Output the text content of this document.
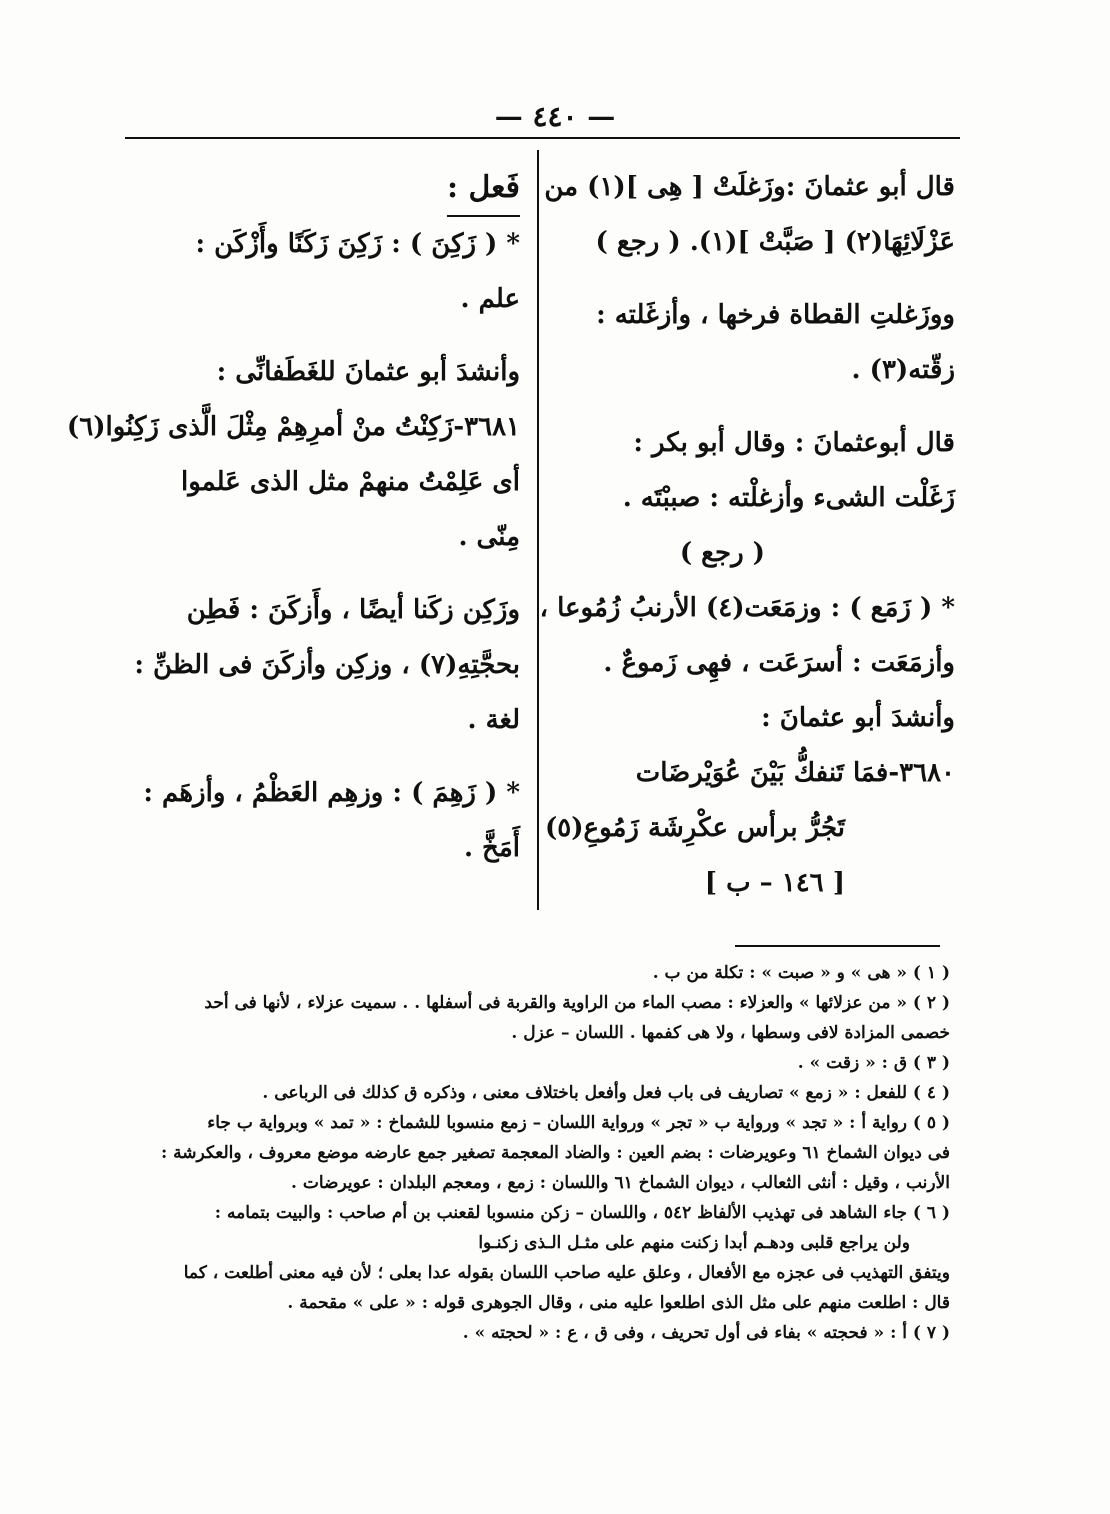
— ٤٤٠ —

قال أبو عثمانَ :وزَغلَتْ [ هِى ](١) من

عَزْلَائِهَا(٢) [ صَبَّتْ ](١). ( رجع )

ووزَغلتِ القطاة فرخها ، وأزغَلته :

زقّته(٣) .

قال أبوعثمانَ : وقال أبو بكر :

زَغَلْت الشىء وأزغلْته : صببْتَه .

( رجع )

* ( زَمَع ) : وزمَعَت(٤) الأرنبُ زُمُوعا ،

وأزمَعَت : أسرَعَت ، فهِى زَموعٌ .

وأنشدَ أبو عثمانَ :

٣٦٨٠-فمَا تَنفكُّ بَيْنَ عُوَيْرضَات

تَجُرُّ برأس عكْرِشَة زَمُوعِ(٥)

[ ١٤٦ – ب ]

فَعل :

* ( زَكِنَ ) : زَكِنَ زَكَنًا وأَزْكَن :

علم .

وأنشدَ أبو عثمانَ للغَطَفانِّى :

٣٦٨١-زَكِنْتُ منْ أمرِهِمْ مِثْلَ الَّذى زَكِنُوا(٦)

أى عَلِمْتُ منهمْ مثل الذى عَلموا

مِنّى .

وزَكِن زكَنا أيضًا ، وأَزكَنَ : فَطِن

بحجَّتِهِ(٧) ، وزكِن وأزكَنَ فى الظنِّ :

لغة .

* ( زَهِمَ ) : وزهِم العَظْمُ ، وأزهَم :

أَمَخَّ .

( ١ ) « هى » و « صبت » : تكلة من ب .

( ٢ ) « من عزلائها » والعزلاء : مصب الماء من الراوية والقربة فى أسفلها . . سميت عزلاء ، لأنها فى أحد

خصمى المزادة لافى وسطها ، ولا هى كفمها . اللسان – عزل .

( ٣ ) ق : « زقت » .

( ٤ ) للفعل : « زمع » تصاريف فى باب فعل وأفعل باختلاف معنى ، وذكره ق كذلك فى الرباعى .

( ٥ ) رواية أ : « تجد » ورواية ب « تجر » ورواية اللسان – زمع منسوبا للشماخ : « تمد » وبرواية ب جاء

فى ديوان الشماخ ٦١ وعويرضات : بضم العين : والضاد المعجمة تصغير جمع عارضه موضع معروف ، والعكرشة :

الأرنب ، وقيل : أنثى الثعالب ، ديوان الشماخ ٦١ واللسان : زمع ، ومعجم البلدان : عويرضات .

( ٦ ) جاء الشاهد فى تهذيب الألفاظ ٥٤٢ ، واللسان – زكن منسوبا لقعنب بن أم صاحب : والبيت بتمامه :

ولن يراجع قلبى ودهـم أبدا زكنت منهم على مثـل الـذى زكنـوا

ويتفق التهذيب فى عجزه مع الأفعال ، وعلق عليه صاحب اللسان بقوله عدا بعلى ؛ لأن فيه معنى أطلعت ، كما

قال : اطلعت منهم على مثل الذى اطلعوا عليه منى ، وقال الجوهرى قوله : « على » مقحمة .

( ٧ ) أ : « فحجته » بفاء فى أول تحريف ، وفى ق ، ع : « لحجته » .
